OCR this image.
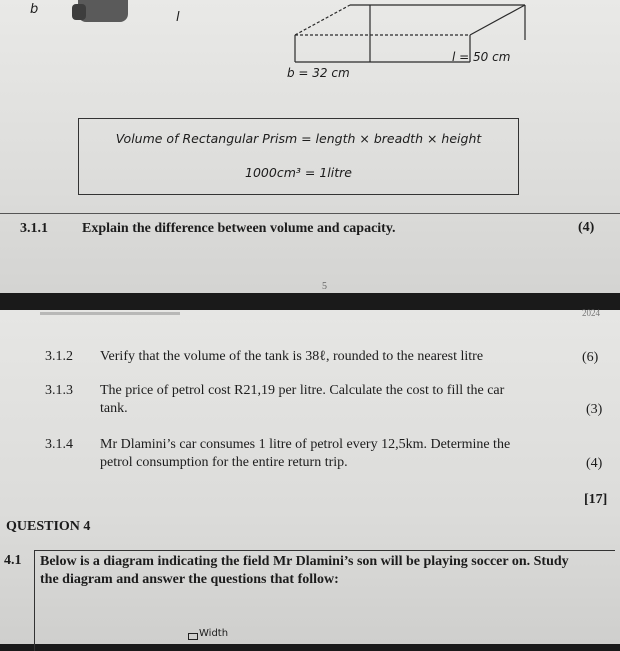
b
l
l = 50 cm
b = 32 cm
Volume of Rectangular Prism = length × breadth × height
1000cm³ = 1litre
3.1.1 Explain the difference between volume and capacity.	(4)
5
2024
3.1.2 Verify that the volume of the tank is 38ℓ, rounded to the nearest litre	(6)
3.1.3 The price of petrol cost R21,19 per litre. Calculate the cost to fill the car
tank.	(3)
3.1.4 Mr Dlamini’s car consumes 1 litre of petrol every 12,5km. Determine the
petrol consumption for the entire return trip.	(4)
[17]
QUESTION 4
4.1 Below is a diagram indicating the field Mr Dlamini’s son will be playing soccer on. Study
the diagram and answer the questions that follow:
Width
